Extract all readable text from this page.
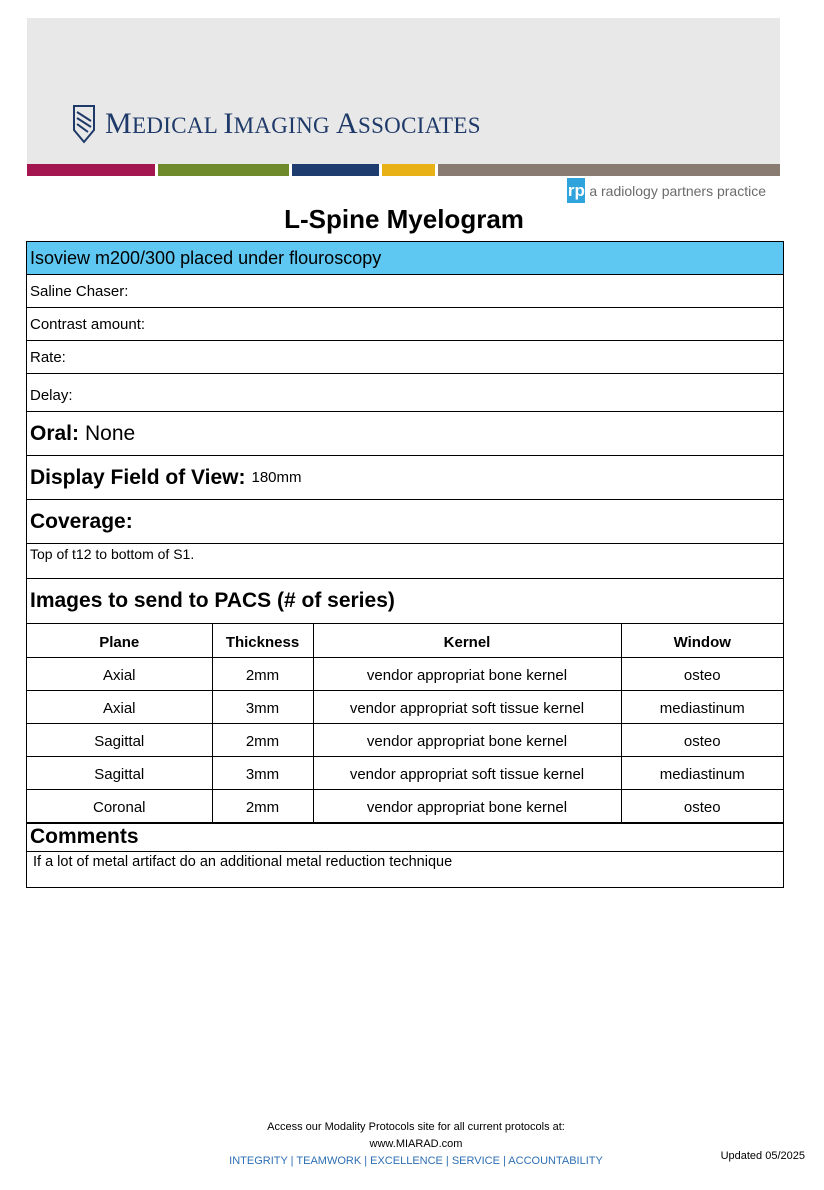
MEDICAL IMAGING ASSOCIATES
rp a radiology partners practice
L-Spine Myelogram
Isoview m200/300 placed under flouroscopy
Saline Chaser:
Contrast amount:
Rate:
Delay:
Oral: None
Display Field of View: 180mm
Coverage:
Top of t12 to bottom of S1.
Images to send to PACS (# of series)
Plane	Thickness	Kernel	Window
Axial	2mm	vendor appropriat bone kernel	osteo
Axial	3mm	vendor appropriat soft tissue kernel	mediastinum
Sagittal	2mm	vendor appropriat bone kernel	osteo
Sagittal	3mm	vendor appropriat soft tissue kernel	mediastinum
Coronal	2mm	vendor appropriat bone kernel	osteo
Comments
If a lot of metal artifact do an additional metal reduction technique
Access our Modality Protocols site for all current protocols at:
www.MIARAD.com
INTEGRITY | TEAMWORK | EXCELLENCE | SERVICE | ACCOUNTABILITY	Updated 05/2025
